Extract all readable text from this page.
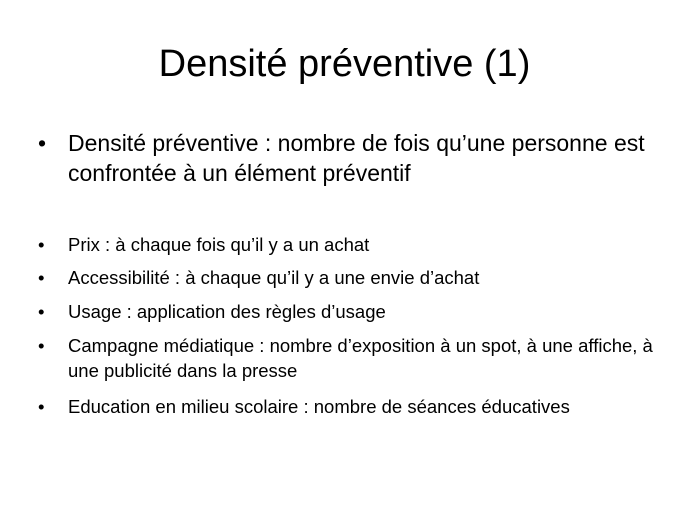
Densité préventive (1)
• Densité préventive : nombre de fois qu’une personne est confrontée à un élément préventif
•	Prix : à chaque fois qu’il y a un achat
•	Accessibilité : à chaque qu’il y a une envie d’achat
•	Usage : application des règles d’usage
•	Campagne médiatique : nombre d’exposition à un spot, à une affiche, à une publicité dans la presse
•	Education en milieu scolaire : nombre de séances éducatives
